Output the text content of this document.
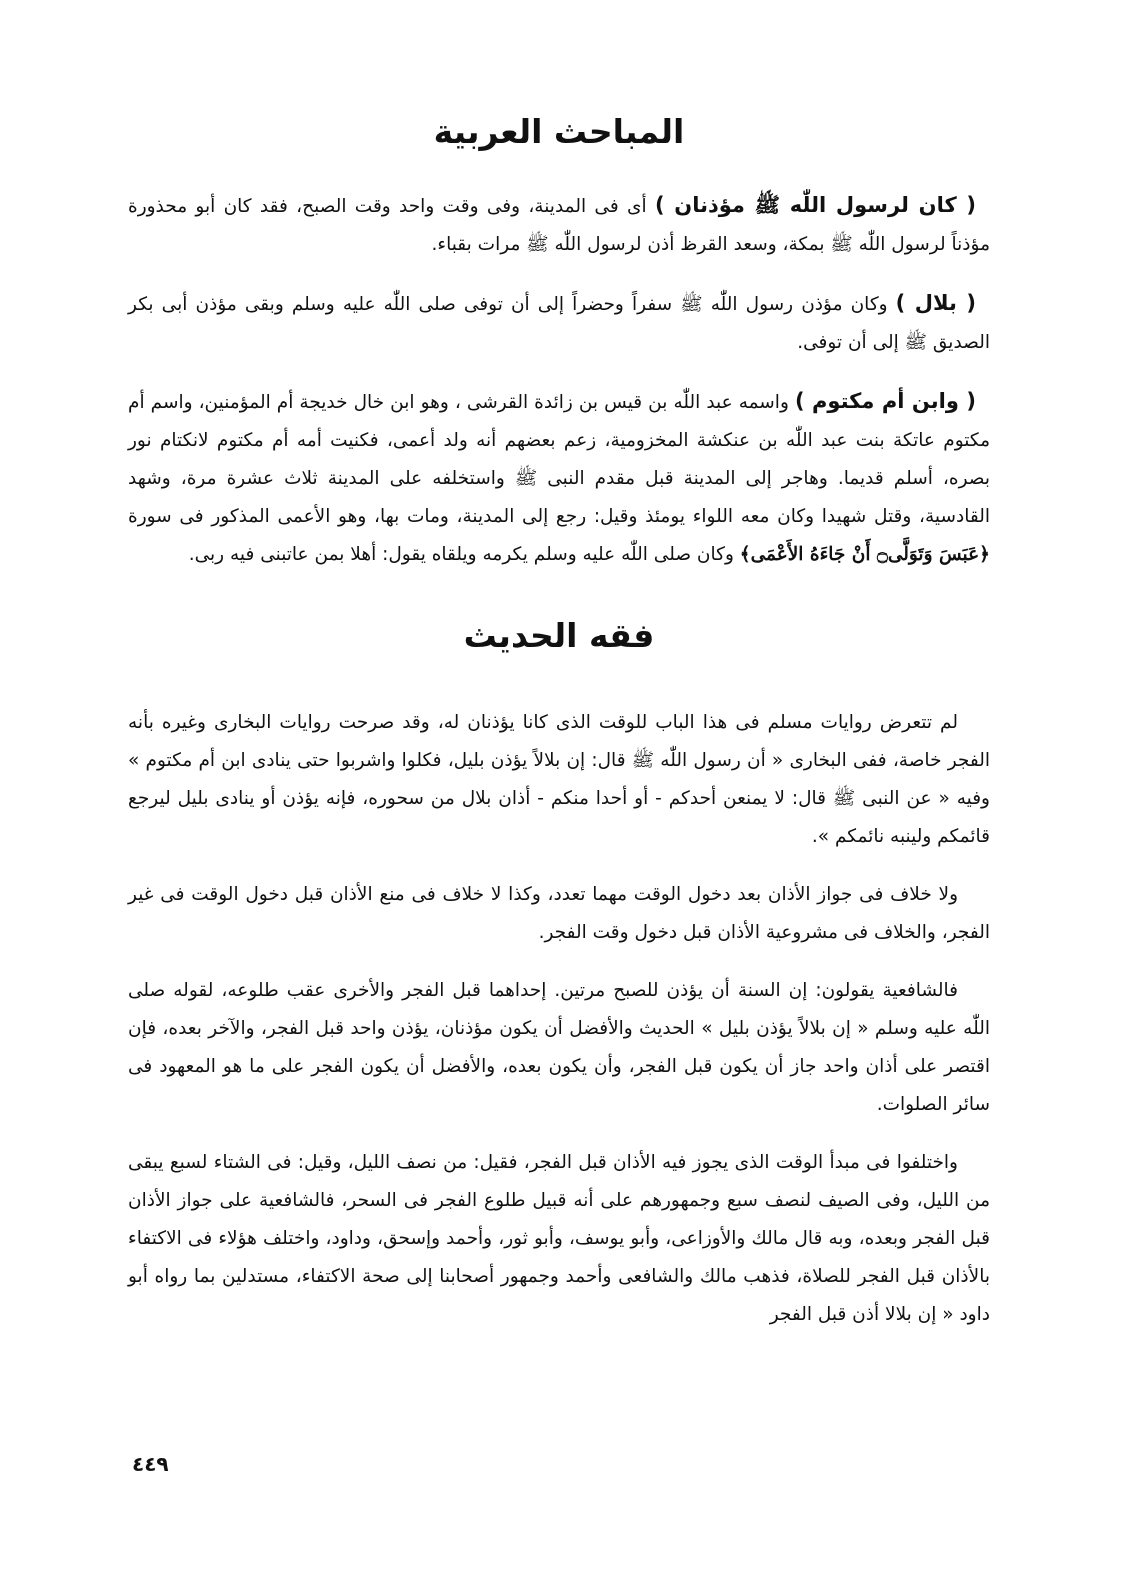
المباحث العربية

( كان لرسول اللّٰه ﷺ مؤذنان ) أى فى المدينة، وفى وقت واحد وقت الصبح، فقد كان أبو محذورة مؤذناً لرسول اللّٰه ﷺ بمكة، وسعد القرظ أذن لرسول اللّٰه ﷺ مرات بقباء.

( بلال ) وكان مؤذن رسول اللّٰه ﷺ سفراً وحضراً إلى أن توفى صلى اللّٰه عليه وسلم وبقى مؤذن أبى بكر الصديق ﷺ إلى أن توفى.

( وابن أم مكتوم ) واسمه عبد اللّٰه بن قيس بن زائدة القرشى ، وهو ابن خال خديجة أم المؤمنين، واسم أم مكتوم عاتكة بنت عبد اللّٰه بن عنكشة المخزومية، زعم بعضهم أنه ولد أعمى، فكنيت أمه أم مكتوم لانكتام نور بصره، أسلم قديما. وهاجر إلى المدينة قبل مقدم النبى ﷺ واستخلفه على المدينة ثلاث عشرة مرة، وشهد القادسية، وقتل شهيدا وكان معه اللواء يومئذ وقيل: رجع إلى المدينة، ومات بها، وهو الأعمى المذكور فى سورة ﴿عَبَسَ وَتَوَلَّى۝ أَنْ جَاءَهُ الأَعْمَى﴾ وكان صلى اللّٰه عليه وسلم يكرمه ويلقاه يقول: أهلا بمن عاتبنى فيه ربى.

فقه الحديث

لم تتعرض روايات مسلم فى هذا الباب للوقت الذى كانا يؤذنان له، وقد صرحت روايات البخارى وغيره بأنه الفجر خاصة، ففى البخارى « أن رسول اللّٰه ﷺ قال: إن بلالاً يؤذن بليل، فكلوا واشربوا حتى ينادى ابن أم مكتوم » وفيه « عن النبى ﷺ قال: لا يمنعن أحدكم - أو أحدا منكم - أذان بلال من سحوره، فإنه يؤذن أو ينادى بليل ليرجع قائمكم ولينبه نائمكم ».

ولا خلاف فى جواز الأذان بعد دخول الوقت مهما تعدد، وكذا لا خلاف فى منع الأذان قبل دخول الوقت فى غير الفجر، والخلاف فى مشروعية الأذان قبل دخول وقت الفجر.

فالشافعية يقولون: إن السنة أن يؤذن للصبح مرتين. إحداهما قبل الفجر والأخرى عقب طلوعه، لقوله صلى اللّٰه عليه وسلم « إن بلالاً يؤذن بليل » الحديث والأفضل أن يكون مؤذنان، يؤذن واحد قبل الفجر، والآخر بعده، فإن اقتصر على أذان واحد جاز أن يكون قبل الفجر، وأن يكون بعده، والأفضل أن يكون الفجر على ما هو المعهود فى سائر الصلوات.

واختلفوا فى مبدأ الوقت الذى يجوز فيه الأذان قبل الفجر، فقيل: من نصف الليل، وقيل: فى الشتاء لسبع يبقى من الليل، وفى الصيف لنصف سبع وجمهورهم على أنه قبيل طلوع الفجر فى السحر، فالشافعية على جواز الأذان قبل الفجر وبعده، وبه قال مالك والأوزاعى، وأبو يوسف، وأبو ثور، وأحمد وإسحق، وداود، واختلف هؤلاء فى الاكتفاء بالأذان قبل الفجر للصلاة، فذهب مالك والشافعى وأحمد وجمهور أصحابنا إلى صحة الاكتفاء، مستدلين بما رواه أبو داود « إن بلالا أذن قبل الفجر

٤٤٩
